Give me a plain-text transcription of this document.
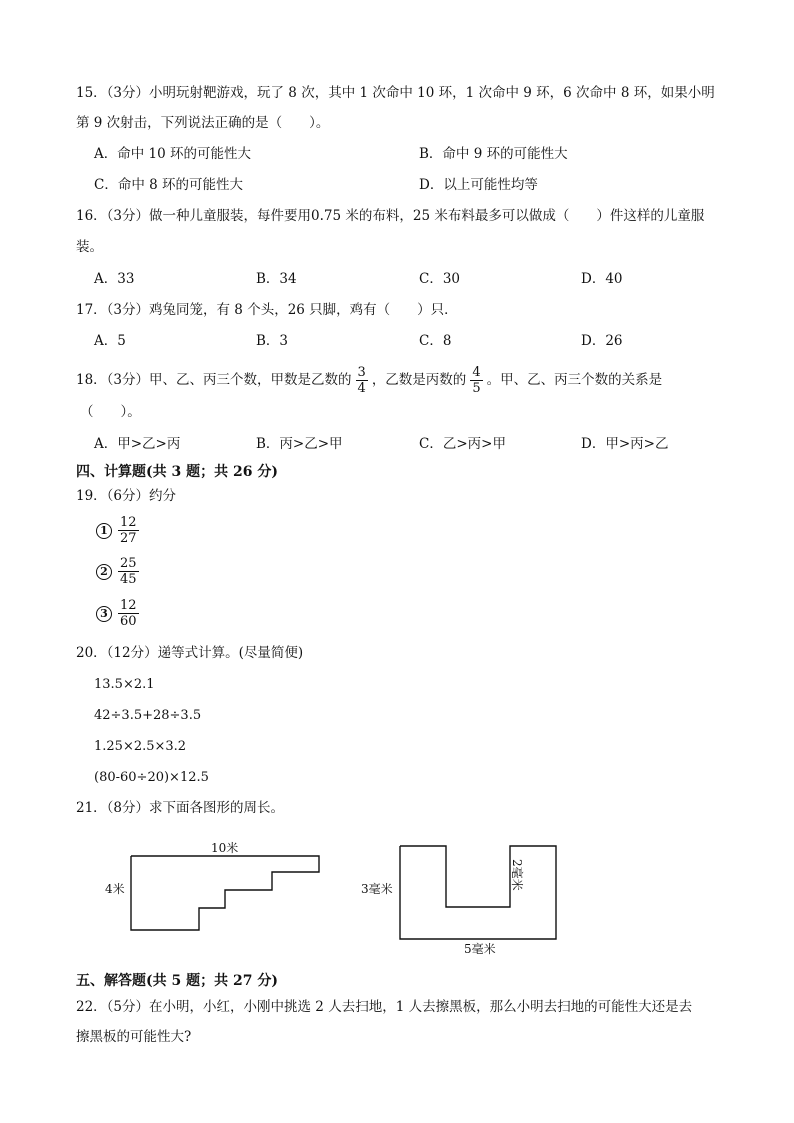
15．（3分）小明玩射靶游戏，玩了 8 次，其中 1 次命中 10 环，1 次命中 9 环，6 次命中 8 环，如果小明
第 9 次射击，下列说法正确的是（　　）。
A．命中 10 环的可能性大	B．命中 9 环的可能性大
C．命中 8 环的可能性大	D．以上可能性均等
16．（3分）做一种儿童服装，每件要用0.75 米的布料，25 米布料最多可以做成（　　）件这样的儿童服
装。
A．33	B．34	C．30	D．40
17．（3分）鸡兔同笼，有 8 个头，26 只脚，鸡有（　　）只．
A．5	B．3	C．8	D．26
18．（3分）甲、乙、丙三个数，甲数是乙数的 $\frac{3}{4}$ ，乙数是丙数的 $\frac{4}{5}$ 。甲、乙、丙三个数的关系是
（　　）。
A．甲>乙>丙	B．丙>乙>甲	C．乙>丙>甲	D．甲>丙>乙
四、计算题(共 3 题；共 26 分)
19．（6分）约分
$1 \frac{12}{27}$
$2 \frac{25}{45}$
$3 \frac{12}{60}$
20．（12分）递等式计算。(尽量简便)
13.5×2.1
42÷3.5+28÷3.5
1.25×2.5×3.2
(80-60÷20)×12.5
21．（8分）求下面各图形的周长。
10米
4米	3毫米	2毫米
5毫米
五、解答题(共 5 题；共 27 分)
22．（5分）在小明，小红，小刚中挑选 2 人去扫地，1 人去擦黑板，那么小明去扫地的可能性大还是去
擦黑板的可能性大?
